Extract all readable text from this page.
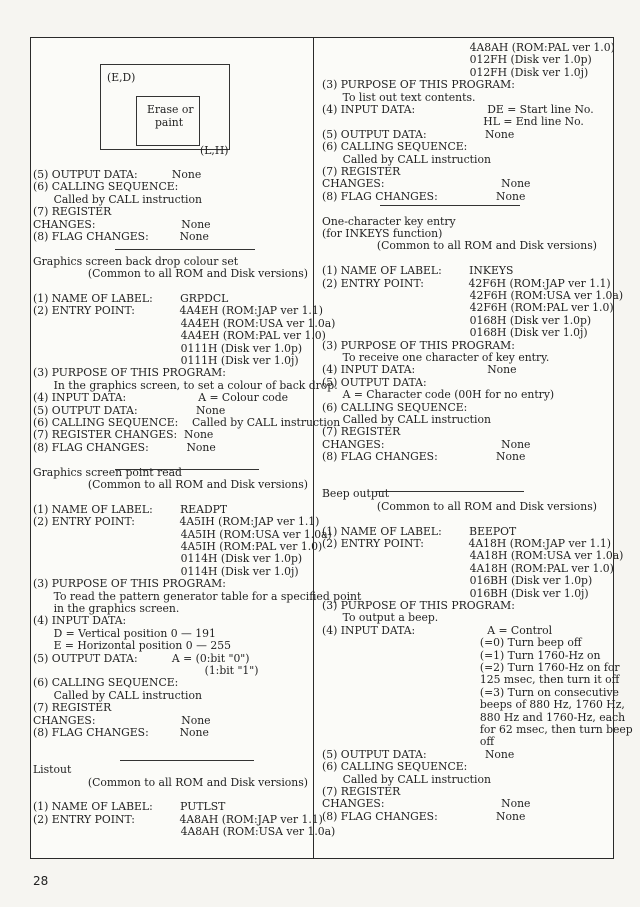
(E,D)
Erase or
paint
(L,H)
(5) OUTPUT DATA:          None
(6) CALLING SEQUENCE:
Called by CALL instruction
(7) REGISTER
CHANGES:                         None
(8) FLAG CHANGES:         None
Graphics screen back drop colour set
(Common to all ROM and Disk versions)
(1) NAME OF LABEL:        GRPDCL
(2) ENTRY POINT:             4A4EH (ROM:JAP ver 1.1)
4A4EH (ROM:USA ver 1.0a)
4A4EH (ROM:PAL ver 1.0)
0111H (Disk ver 1.0p)
0111H (Disk ver 1.0j)
(3) PURPOSE OF THIS PROGRAM:
In the graphics screen, to set a colour of back drop.
(4) INPUT DATA:                     A = Colour code
(5) OUTPUT DATA:                 None
(6) CALLING SEQUENCE:    Called by CALL instruction
(7) REGISTER CHANGES:  None
(8) FLAG CHANGES:           None
Graphics screen point read
(Common to all ROM and Disk versions)
(1) NAME OF LABEL:        READPT
(2) ENTRY POINT:             4A5IH (ROM:JAP ver 1.1)
4A5IH (ROM:USA ver 1.0a)
4A5IH (ROM:PAL ver 1.0)
0114H (Disk ver 1.0p)
0114H (Disk ver 1.0j)
(3) PURPOSE OF THIS PROGRAM:
To read the pattern generator table for a specified point
in the graphics screen.
(4) INPUT DATA:
D = Vertical position 0 — 191
E = Horizontal position 0 — 255
(5) OUTPUT DATA:          A = (0:bit "0")
(1:bit "1")
(6) CALLING SEQUENCE:
Called by CALL instruction
(7) REGISTER
CHANGES:                         None
(8) FLAG CHANGES:         None
Listout
(Common to all ROM and Disk versions)
(1) NAME OF LABEL:        PUTLST
(2) ENTRY POINT:             4A8AH (ROM:JAP ver 1.1)
4A8AH (ROM:USA ver 1.0a)
4A8AH (ROM:PAL ver 1.0)
012FH (Disk ver 1.0p)
012FH (Disk ver 1.0j)
(3) PURPOSE OF THIS PROGRAM:
To list out text contents.
(4) INPUT DATA:                     DE = Start line No.
HL = End line No.
(5) OUTPUT DATA:                 None
(6) CALLING SEQUENCE:
Called by CALL instruction
(7) REGISTER
CHANGES:                                  None
(8) FLAG CHANGES:                 None
One-character key entry
(for INKEYS function)
(Common to all ROM and Disk versions)
(1) NAME OF LABEL:        INKEYS
(2) ENTRY POINT:             42F6H (ROM:JAP ver 1.1)
42F6H (ROM:USA ver 1.0a)
42F6H (ROM:PAL ver 1.0)
0168H (Disk ver 1.0p)
0168H (Disk ver 1.0j)
(3) PURPOSE OF THIS PROGRAM:
To receive one character of key entry.
(4) INPUT DATA:                     None
(5) OUTPUT DATA:
A = Character code (00H for no entry)
(6) CALLING SEQUENCE:
Called by CALL instruction
(7) REGISTER
CHANGES:                                  None
(8) FLAG CHANGES:                 None
Beep output
(Common to all ROM and Disk versions)
(1) NAME OF LABEL:        BEEPOT
(2) ENTRY POINT:             4A18H (ROM:JAP ver 1.1)
4A18H (ROM:USA ver 1.0a)
4A18H (ROM:PAL ver 1.0)
016BH (Disk ver 1.0p)
016BH (Disk ver 1.0j)
(3) PURPOSE OF THIS PROGRAM:
To output a beep.
(4) INPUT DATA:                     A = Control
(=0) Turn beep off
(=1) Turn 1760-Hz on
(=2) Turn 1760-Hz on for
125 msec, then turn it off
(=3) Turn on consecutive
beeps of 880 Hz, 1760 Hz,
880 Hz and 1760-Hz, each
for 62 msec, then turn beep
off
(5) OUTPUT DATA:                 None
(6) CALLING SEQUENCE:
Called by CALL instruction
(7) REGISTER
CHANGES:                                  None
(8) FLAG CHANGES:                 None
28
